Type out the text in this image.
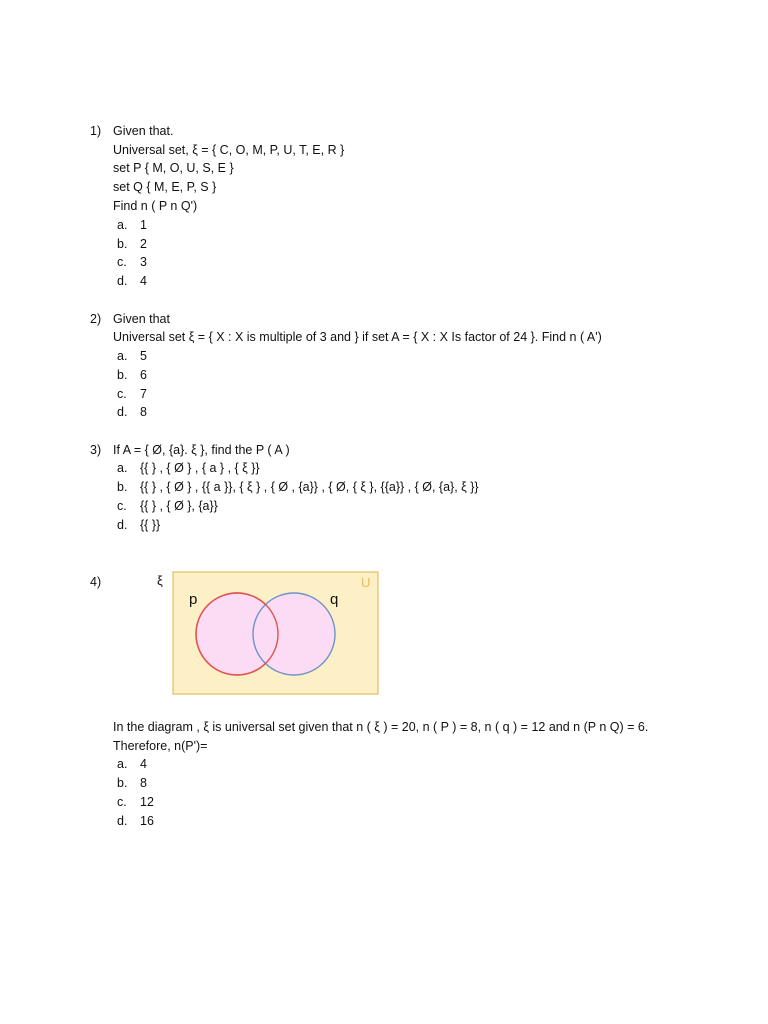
1) Given that.
Universal set, ξ = { C, O, M, P, U, T, E, R }
set P { M, O, U, S, E }
set Q { M, E, P, S }
Find n ( P n Q')
a. 1
b. 2
c. 3
d. 4
2) Given that
Universal set ξ = { X : X is multiple of 3 and } if set A = { X : X Is factor of 24 }. Find n ( A')
a. 5
b. 6
c. 7
d. 8
3) If A = { Ø, {a}. ξ }, find the P ( A )
a. {{ } , { Ø } , { a } , { ξ }}
b. {{ } , { Ø } , {{ a }}, { ξ } , { Ø , {a}} , { Ø, { ξ }, {{a}} , { Ø, {a}, ξ }}
c. {{ } , { Ø }, {a}}
d. {{ }}
4)	ξ	U
p	q
In the diagram , ξ is universal set given that n ( ξ ) = 20, n ( P ) = 8, n ( q ) = 12 and n (P n Q) = 6.
Therefore, n(P')=
a. 4
b. 8
c. 12
d. 16
